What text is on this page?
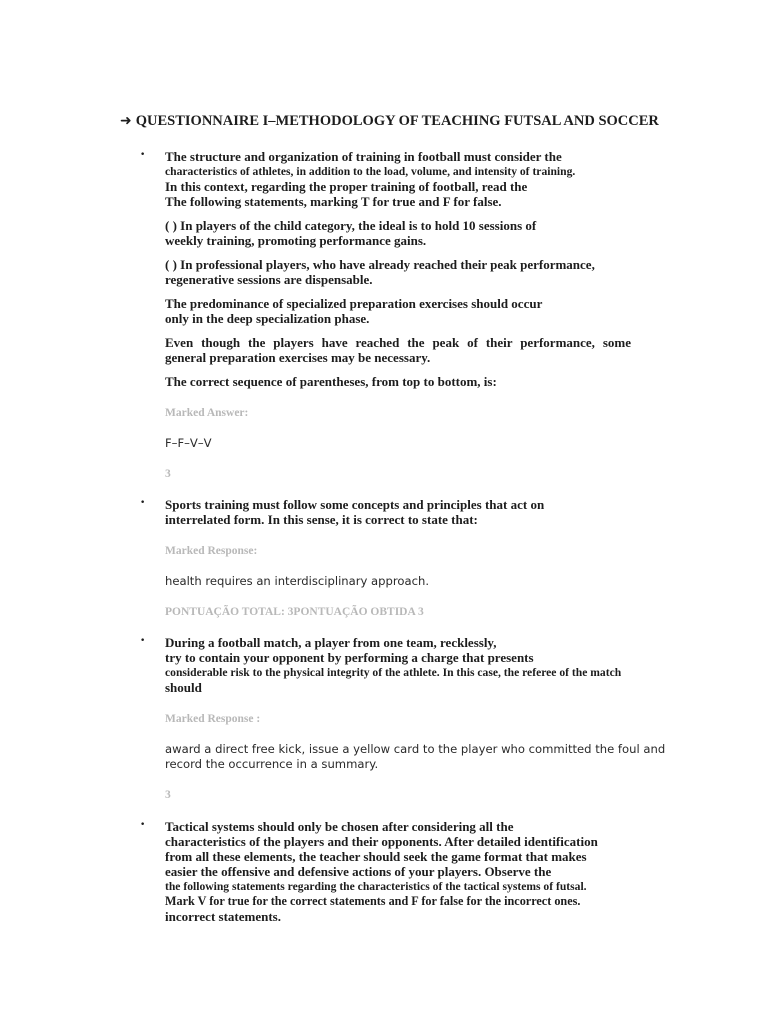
➜ QUESTIONNAIRE I–METHODOLOGY OF TEACHING FUTSAL AND SOCCER
• The structure and organization of training in football must consider the
characteristics of athletes, in addition to the load, volume, and intensity of training.
In this context, regarding the proper training of football, read the
The following statements, marking T for true and F for false.
( ) In players of the child category, the ideal is to hold 10 sessions of
weekly training, promoting performance gains.
( ) In professional players, who have already reached their peak performance,
regenerative sessions are dispensable.
The predominance of specialized preparation exercises should occur
only in the deep specialization phase.
Even though the players have reached the peak of their performance, some
general preparation exercises may be necessary.
The correct sequence of parentheses, from top to bottom, is:
Marked Answer:
F–F–V–V
3
• Sports training must follow some concepts and principles that act on
interrelated form. In this sense, it is correct to state that:
Marked Response:
health requires an interdisciplinary approach.
PONTUAÇÃO TOTAL: 3PONTUAÇÃO OBTIDA 3
• During a football match, a player from one team, recklessly,
try to contain your opponent by performing a charge that presents
considerable risk to the physical integrity of the athlete. In this case, the referee of the match
should
Marked Response :
award a direct free kick, issue a yellow card to the player who committed the foul and
record the occurrence in a summary.
3
• Tactical systems should only be chosen after considering all the
characteristics of the players and their opponents. After detailed identification
from all these elements, the teacher should seek the game format that makes
easier the offensive and defensive actions of your players. Observe the
the following statements regarding the characteristics of the tactical systems of futsal.
Mark V for true for the correct statements and F for false for the incorrect ones.
incorrect statements.
